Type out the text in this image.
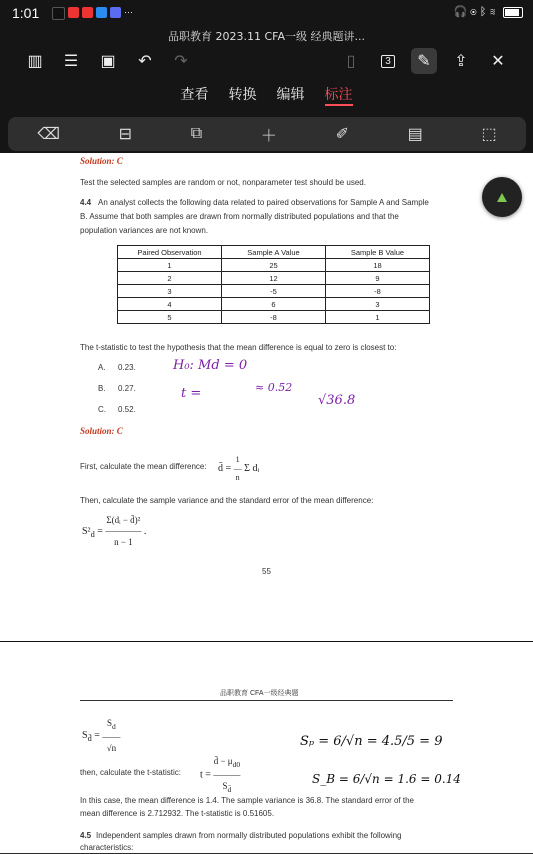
1:01	···	🎧◉ᛒ≋
品职教育 2023.11 CFA一级 经典题讲...
▥	☰	▣	↶	↷	▯	3	✎	⇪	✕
查看 转换 编辑 标注
⌫	⊟	⧉	＋	✐	▤	⬚
Solution: C
Test the selected samples are random or not, nonparameter test should be used.
4.4 An analyst collects the following data related to paired observations for Sample A and Sample
B. Assume that both samples are drawn from normally distributed populations and that the
population variances are not known.
Paired Observation	Sample A Value	Sample B Value
1	25	18
2	12	9
3	-5	-8
4	6	3
5	-8	1
The t-statistic to test the hypothesis that the mean difference is equal to zero is closest to:
A. 0.23.
B. 0.27.
C. 0.52.
Solution: C
First, calculate the mean difference: d̄ = 1
―
n Σ dᵢ
Then, calculate the sample variance and the standard error of the mean difference:
$S^2_d$ = Σ(dᵢ − d̄)²
――――
n − 1 .
55
H₀: Md = 0
t =	≈ 0.52
√36.8
品职教育 CFA一级经典题
$S_{d̄} = S_d$
――
√n
then, calculate the t-statistic: t = d̄ − $\mu_{d0}$
―――
$S_{d̄}$
In this case, the mean difference is 1.4. The sample variance is 36.8. The standard error of the
mean difference is 2.712932. The t-statistic is 0.51605.
4.5 Independent samples drawn from normally distributed populations exhibit the following
characteristics:
Sₚ = 6/√n = 4.5/5 = 9
S_B = 6/√n = 1.6 = 0.14
